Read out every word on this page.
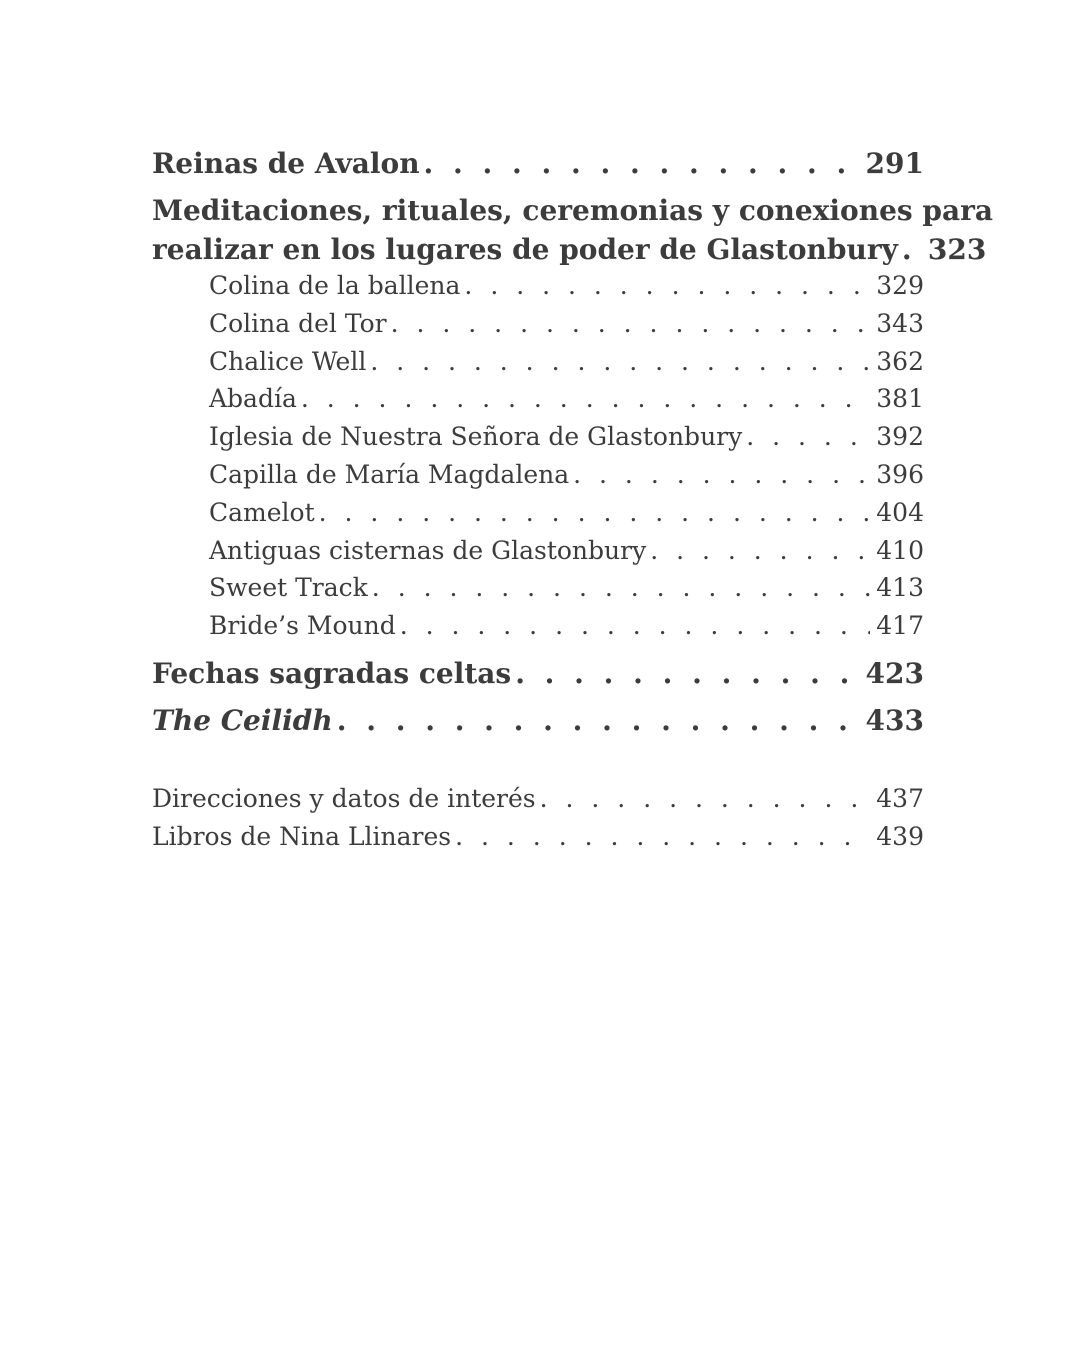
Reinas de Avalon . . .	291
Meditaciones, rituales, ceremonias y conexiones para
realizar en los lugares de poder de Glastonbury . . . 323
Colina de la ballena . . .	329
Colina del Tor . . .	343
Chalice Well . . .	362
Abadía . . .	381
Iglesia de Nuestra Señora de Glastonbury . . .	392
Capilla de María Magdalena . . .	396
Camelot . . .	404
Antiguas cisternas de Glastonbury . . .	410
Sweet Track . . .	413
Bride’s Mound . . .	417
Fechas sagradas celtas . . .	423
The Ceilidh . . .	433
Direcciones y datos de interés . . .	437
Libros de Nina Llinares . . .	439
